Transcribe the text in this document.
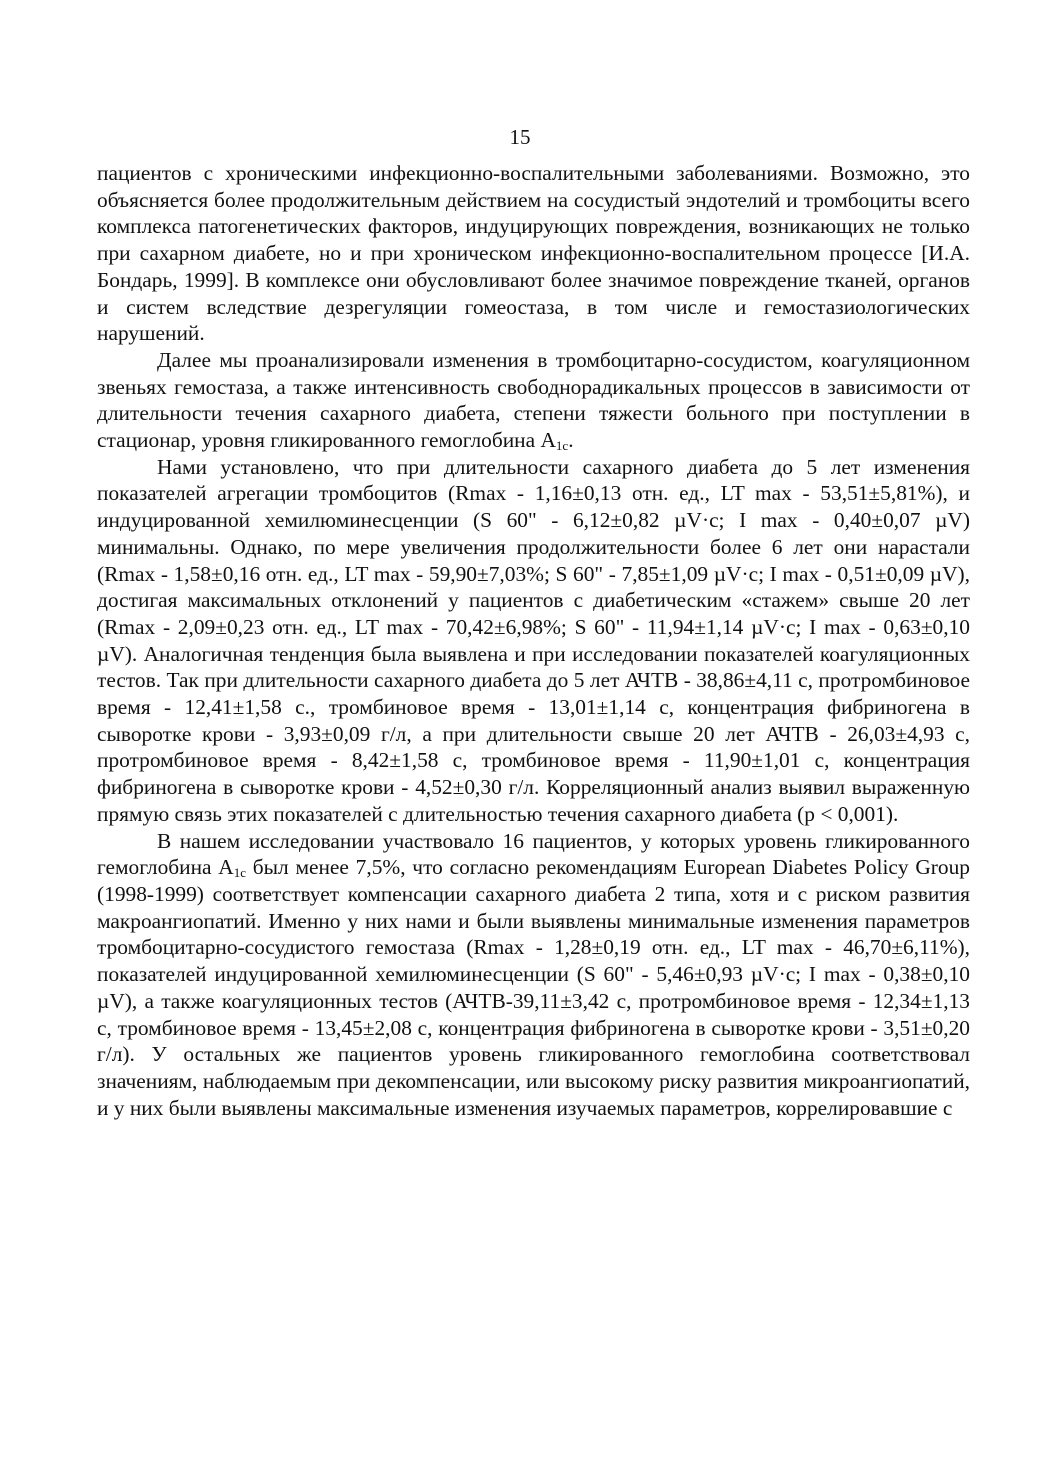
15

пациентов с хроническими инфекционно-воспалительными заболеваниями. Возможно, это объясняется более продолжительным действием на сосудистый эндотелий и тромбоциты всего комплекса патогенетических факторов, индуцирующих повреждения, возникающих не только при сахарном диабете, но и при хроническом инфекционно-воспалительном процессе [И.А. Бондарь, 1999]. В комплексе они обусловливают более значимое повреждение тканей, органов и систем вследствие дезрегуляции гомеостаза, в том числе и гемостазиологических нарушений.

Далее мы проанализировали изменения в тромбоцитарно-сосудистом, коагуляционном звеньях гемостаза, а также интенсивность свободнорадикальных процессов в зависимости от длительности течения сахарного диабета, степени тяжести больного при поступлении в стационар, уровня гликированного гемоглобина $A_{1c}$.

Нами установлено, что при длительности сахарного диабета до 5 лет изменения показателей агрегации тромбоцитов (Rmax - 1,16±0,13 отн. ед., LT max - 53,51±5,81%), и индуцированной хемилюминесценции (S 60" - 6,12±0,82 µV·c; I max - 0,40±0,07 µV) минимальны. Однако, по мере увеличения продолжительности более 6 лет они нарастали (Rmax - 1,58±0,16 отн. ед., LT max - 59,90±7,03%; S 60" - 7,85±1,09 µV·c; I max - 0,51±0,09 µV), достигая максимальных отклонений у пациентов с диабетическим «стажем» свыше 20 лет (Rmax - 2,09±0,23 отн. ед., LT max - 70,42±6,98%; S 60" - 11,94±1,14 µV·c; I max - 0,63±0,10 µV). Аналогичная тенденция была выявлена и при исследовании показателей коагуляционных тестов. Так при длительности сахарного диабета до 5 лет АЧТВ - 38,86±4,11 с, протромбиновое время - 12,41±1,58 с., тромбиновое время - 13,01±1,14 с, концентрация фибриногена в сыворотке крови - 3,93±0,09 г/л, а при длительности свыше 20 лет АЧТВ - 26,03±4,93 с, протромбиновое время - 8,42±1,58 с, тромбиновое время - 11,90±1,01 с, концентрация фибриногена в сыворотке крови - 4,52±0,30 г/л. Корреляционный анализ выявил выраженную прямую связь этих показателей с длительностью течения сахарного диабета (р < 0,001).

В нашем исследовании участвовало 16 пациентов, у которых уровень гликированного гемоглобина $A_{1c}$ был менее 7,5%, что согласно рекомендациям European Diabetes Policy Group (1998-1999) соответствует компенсации сахарного диабета 2 типа, хотя и с риском развития макроангиопатий. Именно у них нами и были выявлены минимальные изменения параметров тромбоцитарно-сосудистого гемостаза (Rmax - 1,28±0,19 отн. ед., LT max - 46,70±6,11%), показателей индуцированной хемилюминесценции (S 60" - 5,46±0,93 µV·c; I max - 0,38±0,10 µV), а также коагуляционных тестов (АЧТВ-39,11±3,42 с, протромбиновое время - 12,34±1,13 с, тромбиновое время - 13,45±2,08 с, концентрация фибриногена в сыворотке крови - 3,51±0,20 г/л). У остальных же пациентов уровень гликированного гемоглобина соответствовал значениям, наблюдаемым при декомпенсации, или высокому риску развития микроангиопатий, и у них были выявлены максимальные изменения изучаемых параметров, коррелировавшие с
